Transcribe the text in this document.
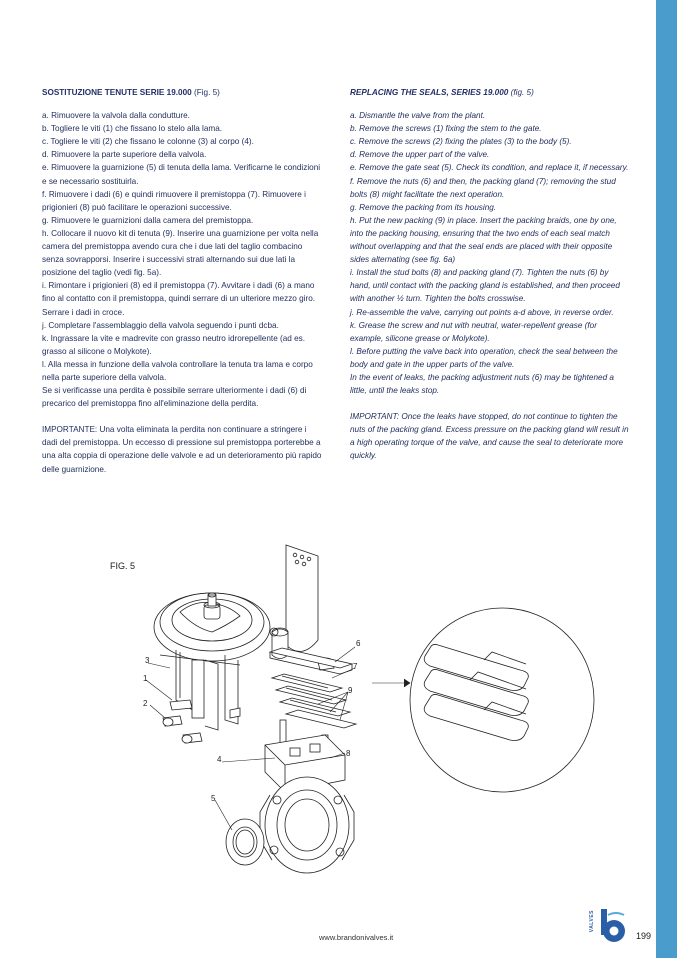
SOSTITUZIONE TENUTE SERIE 19.000 (Fig. 5)

a. Rimuovere la valvola dalla condutture.

b. Togliere le viti (1) che fissano lo stelo alla lama.

c. Togliere le viti (2) che fissano le colonne (3) al corpo (4).

d. Rimuovere la parte superiore della valvola.

e. Rimuovere la guarnizione (5) di tenuta della lama. Verificarne le condizioni e se necessario sostituirla.

f. Rimuovere i dadi (6) e quindi rimuovere il premistoppa (7). Rimuovere i prigionieri (8) può facilitare le operazioni successive.

g. Rimuovere le guarnizioni dalla camera del premistoppa.

h. Collocare il nuovo kit di tenuta (9). Inserire una guarnizione per volta nella camera del premistoppa avendo cura che i due lati del taglio combacino senza sovrapporsi. Inserire i successivi strati alternando sui due lati la posizione del taglio (vedi fig. 5a).

i. Rimontare i prigionieri (8) ed il premistoppa (7). Avvitare i dadi (6) a mano fino al contatto con il premistoppa, quindi serrare di un ulteriore mezzo giro. Serrare i dadi in croce.

j. Completare l'assemblaggio della valvola seguendo i punti dcba.

k. Ingrassare la vite e madrevite con grasso neutro idrorepellente (ad es. grasso al silicone o Molykote).

l. Alla messa in funzione della valvola controllare la tenuta tra lama e corpo nella parte superiore della valvola.

Se si verificasse una perdita è possibile serrare ulteriormente i dadi (6) di precarico del premistoppa fino all'eliminazione della perdita.

IMPORTANTE: Una volta eliminata la perdita non continuare a stringere i dadi del premistoppa. Un eccesso di pressione sul premistoppa porterebbe a una alta coppia di operazione delle valvole e ad un deterioramento più rapido delle guarnizione.

REPLACING THE SEALS, SERIES 19.000 (fig. 5)

a. Dismantle the valve from the plant.

b. Remove the screws (1) fixing the stem to the gate.

c. Remove the screws (2) fixing the plates (3) to the body (5).

d. Remove the upper part of the valve.

e. Remove the gate seat (5). Check its condition, and replace it, if necessary.

f. Remove the nuts (6) and then, the packing gland (7); removing the stud bolts (8) might facilitate the next operation.

g. Remove the packing from its housing.

h. Put the new packing (9) in place. Insert the packing braids, one by one, into the packing housing, ensuring that the two ends of each seal match without overlapping and that the seal ends are placed with their opposite sides alternating (see fig. 6a)

i. Install the stud bolts (8) and packing gland (7). Tighten the nuts (6) by hand, until contact with the packing gland is established, and then proceed with another ½ turn. Tighten the bolts crosswise.

j. Re-assemble the valve, carrying out points a-d above, in reverse order.

k. Grease the screw and nut with neutral, water-repellent grease (for example, silicone grease or Molykote).

l. Before putting the valve back into operation, check the seal between the body and gate in the upper parts of the valve.

In the event of leaks, the packing adjustment nuts (6) may be tightened a little, until the leaks stop.

IMPORTANT: Once the leaks have stopped, do not continue to tighten the nuts of the packing gland. Excess pressure on the packing gland will result in a high operating torque of the valve, and cause the seal to deteriorate more quickly.

FIG. 5
3
1
2
4
5
6
7
9
8
www.brandonivalves.it
VALVES
199
